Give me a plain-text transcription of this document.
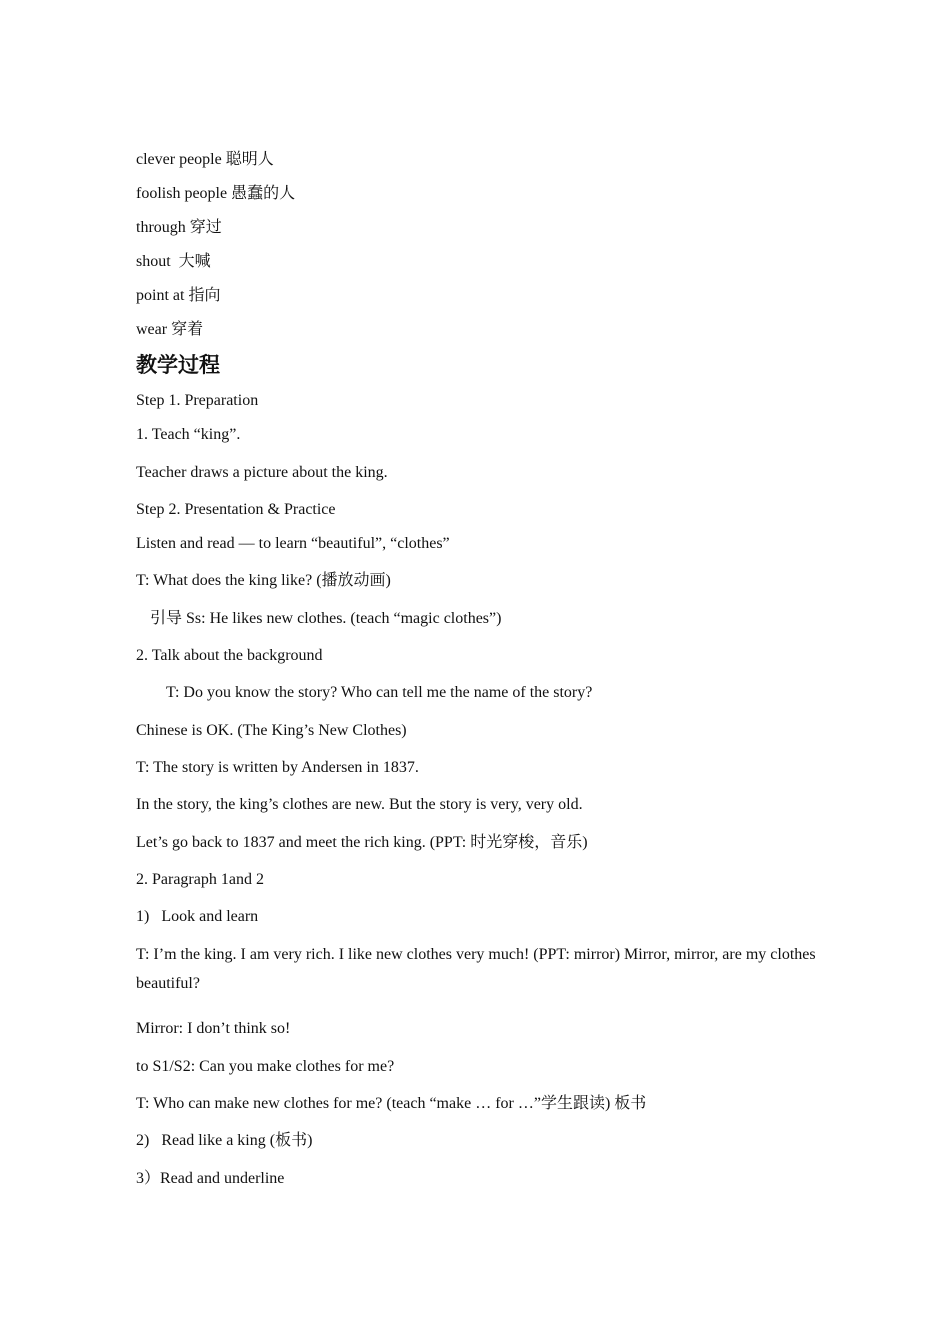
clever people 聪明人
foolish people 愚蠢的人
through 穿过
shout  大喊
point at 指向
wear 穿着
教学过程
Step 1. Preparation
1. Teach “king”.
Teacher draws a picture about the king.
Step 2. Presentation & Practice
Listen and read — to learn “beautiful”, “clothes”
T: What does the king like? (播放动画)
引导 Ss: He likes new clothes. (teach “magic clothes”)
2. Talk about the background
T: Do you know the story? Who can tell me the name of the story?
Chinese is OK. (The King’s New Clothes)
T: The story is written by Andersen in 1837.
In the story, the king’s clothes are new. But the story is very, very old.
Let’s go back to 1837 and meet the rich king. (PPT: 时光穿梭，音乐)
2. Paragraph 1and 2
1)   Look and learn
T: I’m the king. I am very rich. I like new clothes very much! (PPT: mirror) Mirror, mirror, are my clothes beautiful?
Mirror: I don’t think so!
to S1/S2: Can you make clothes for me?
T: Who can make new clothes for me? (teach “make … for …”学生跟读) 板书
2)   Read like a king (板书)
3）Read and underline
